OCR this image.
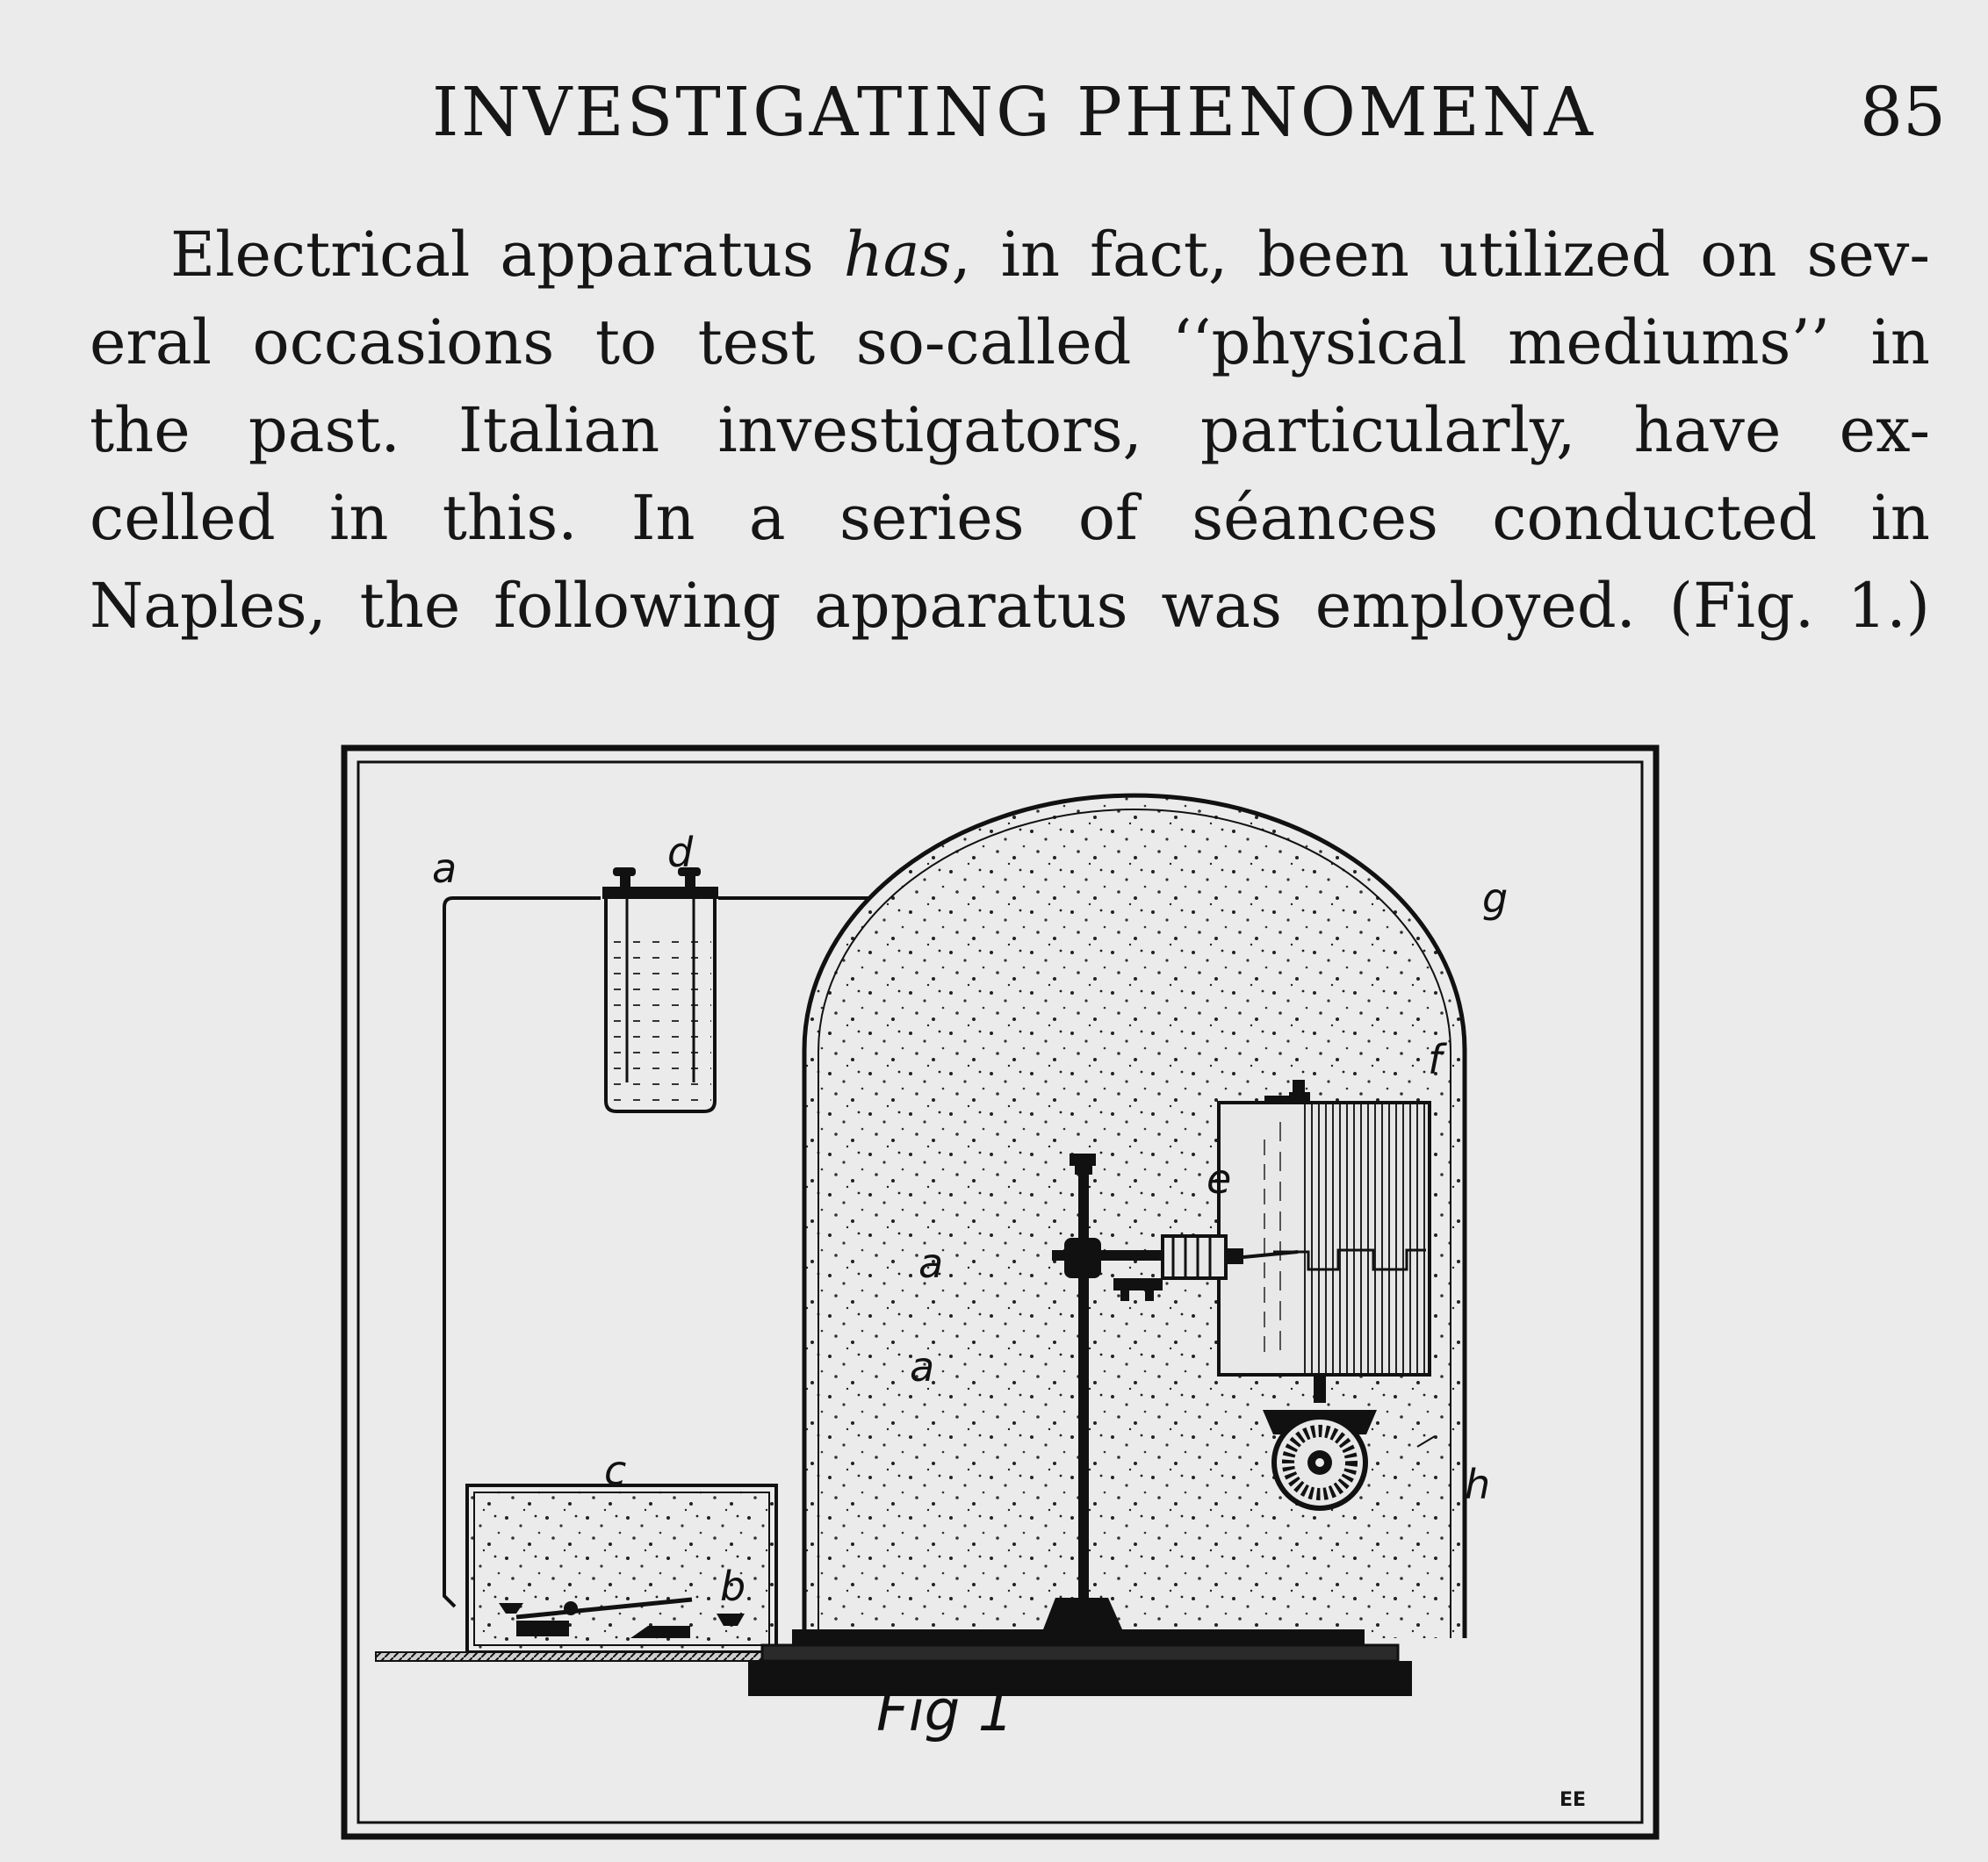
INVESTIGATING PHENOMENA	85
Electrical apparatus has, in fact, been utilized on sev-
eral occasions to test so-called ‘‘physical mediums’’ in
the past. Italian investigators, particularly, have ex-
celled in this. In a series of séances conducted in
Naples, the following apparatus was employed. (Fig. 1.)
a	d
g
f
e
a
a
c
b
h
Fig 1
EE
